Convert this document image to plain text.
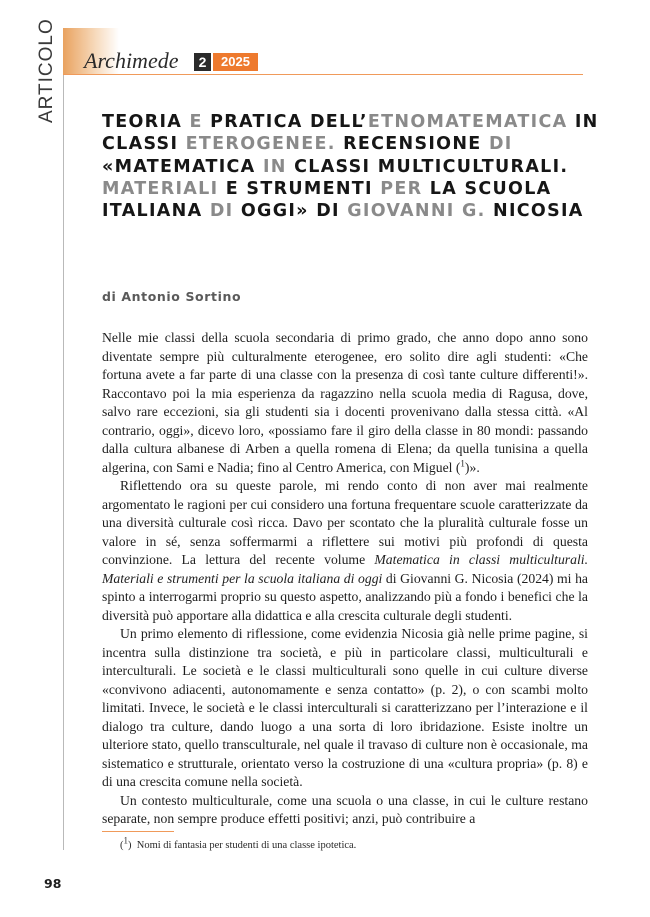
ARTICOLO Archimede	2	2025
TEORIA E PRATICA DELL’ETNOMATEMATICA IN CLASSI ETEROGENEE. RECENSIONE DI «MATEMATICA IN CLASSI MULTICULTURALI. MATERIALI E STRUMENTI PER LA SCUOLA ITALIANA DI OGGI» DI GIOVANNI G. NICOSIA
di Antonio Sortino

Nelle mie classi della scuola secondaria di primo grado, che anno dopo anno sono diventate sempre più culturalmente eterogenee, ero solito dire agli studenti: «Che fortuna avete a far parte di una classe con la presenza di così tante culture differenti!». Raccontavo poi la mia esperienza da ragazzino nella scuola media di Ragusa, dove, salvo rare eccezioni, sia gli studenti sia i docenti provenivano dalla stessa città. «Al contrario, oggi», dicevo loro, «possiamo fare il giro della classe in 80 mondi: passando dalla cultura albanese di Arben a quella romena di Elena; da quella tunisina a quella algerina, con Sami e Nadia; fino al Centro America, con Miguel ($^1$)».

Riflettendo ora su queste parole, mi rendo conto di non aver mai realmente argomentato le ragioni per cui considero una fortuna frequentare scuole caratterizzate da una diversità culturale così ricca. Davo per scontato che la pluralità culturale fosse un valore in sé, senza soffermarmi a riflettere sui motivi più profondi di questa convinzione. La lettura del recente volume Matematica in classi multiculturali. Materiali e strumenti per la scuola italiana di oggi di Giovanni G. Nicosia (2024) mi ha spinto a interrogarmi proprio su questo aspetto, analizzando più a fondo i benefici che la diversità può apportare alla didattica e alla crescita culturale degli studenti.

Un primo elemento di riflessione, come evidenzia Nicosia già nelle prime pagine, si incentra sulla distinzione tra società, e più in particolare classi, multiculturali e interculturali. Le società e le classi multiculturali sono quelle in cui culture diverse «convivono adiacenti, autonomamente e senza contatto» (p. 2), o con scambi molto limitati. Invece, le società e le classi interculturali si caratterizzano per l’interazione e il dialogo tra culture, dando luogo a una sorta di loro ibridazione. Esiste inoltre un ulteriore stato, quello transculturale, nel quale il travaso di culture non è occasionale, ma sistematico e strutturale, orientato verso la costruzione di una «cultura propria» (p. 8) e di una crescita comune nella società.

Un contesto multiculturale, come una scuola o una classe, in cui le culture restano separate, non sempre produce effetti positivi; anzi, può contribuire a

($^1$)  Nomi di fantasia per studenti di una classe ipotetica.
98
